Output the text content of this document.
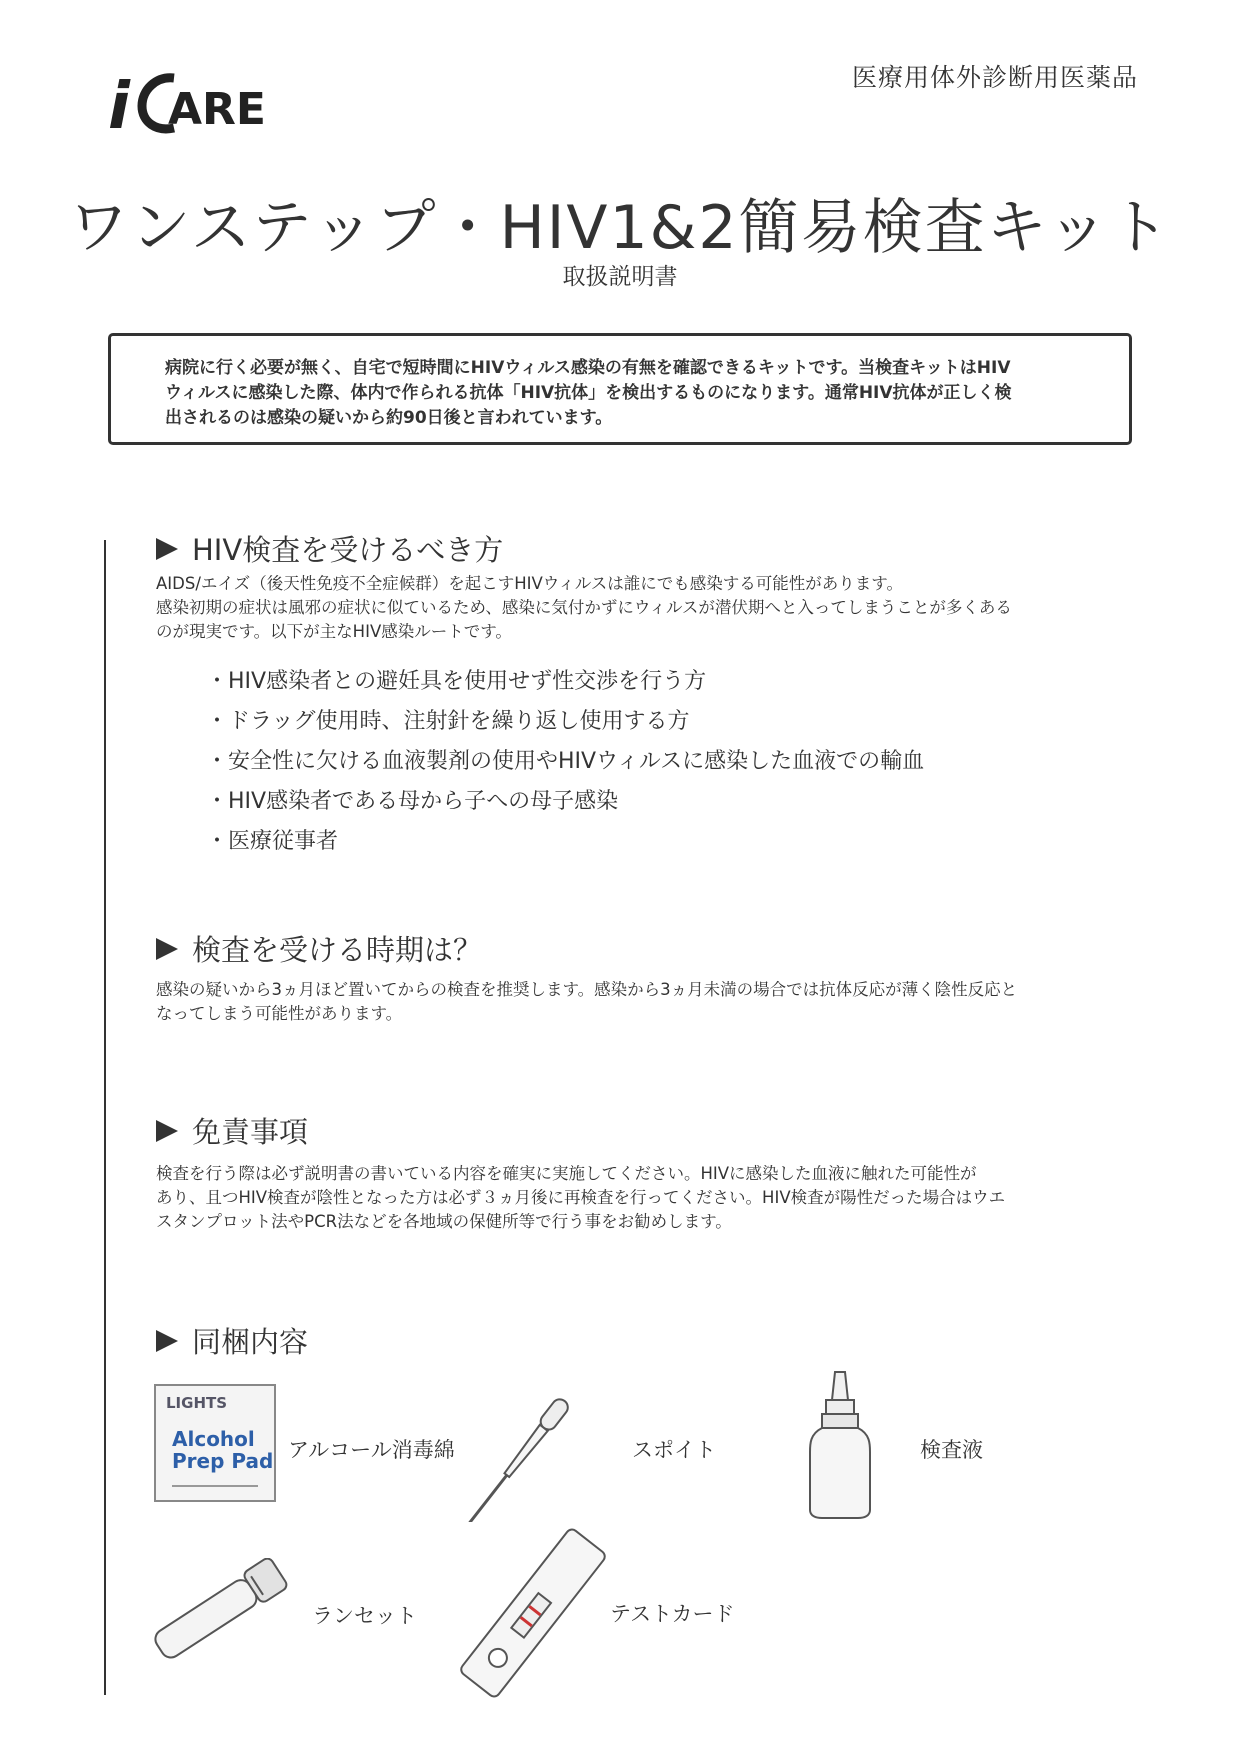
i ARE
医療用体外診断用医薬品
ワンステップ・HIV1&2簡易検査キット
取扱説明書
病院に行く必要が無く、自宅で短時間にHIVウィルス感染の有無を確認できるキットです。当検査キットはHIV
ウィルスに感染した際、体内で作られる抗体「HIV抗体」を検出するものになります。通常HIV抗体が正しく検
出されるのは感染の疑いから約90日後と言われています。
HIV検査を受けるべき方

AIDS/エイズ（後天性免疫不全症候群）を起こすHIVウィルスは誰にでも感染する可能性があります。

感染初期の症状は風邪の症状に似ているため、感染に気付かずにウィルスが潜伏期へと入ってしまうことが多くある

のが現実です。以下が主なHIV感染ルートです。

・HIV感染者との避妊具を使用せず性交渉を行う方
・ドラッグ使用時、注射針を繰り返し使用する方
・安全性に欠ける血液製剤の使用やHIVウィルスに感染した血液での輸血
・HIV感染者である母から子への母子感染
・医療従事者
検査を受ける時期は？

感染の疑いから3ヵ月ほど置いてからの検査を推奨します。感染から3ヵ月未満の場合では抗体反応が薄く陰性反応と

なってしまう可能性があります。

免責事項

検査を行う際は必ず説明書の書いている内容を確実に実施してください。HIVに感染した血液に触れた可能性が

あり、且つHIV検査が陰性となった方は必ず３ヵ月後に再検査を行ってください。HIV検査が陽性だった場合はウエ

スタンプロット法やPCR法などを各地域の保健所等で行う事をお勧めします。

同梱内容
LIGHTS
Alcohol
Prep Pad アルコール消毒綿	スポイト	検査液
ランセット	テストカード
